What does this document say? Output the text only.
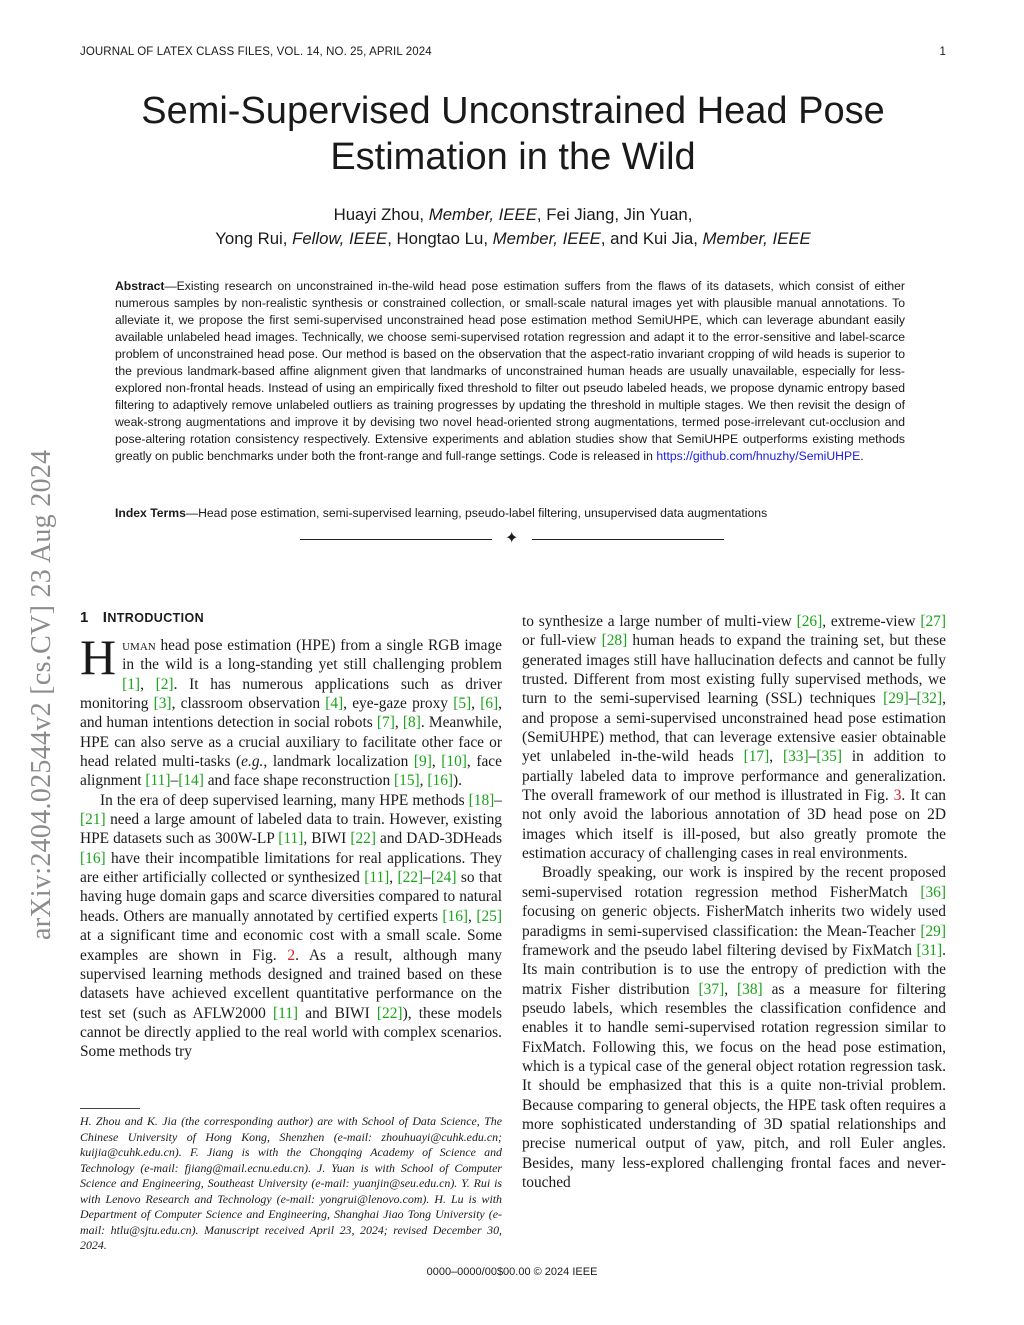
JOURNAL OF LATEX CLASS FILES, VOL. 14, NO. 25, APRIL 2024	1
arXiv:2404.02544v2 [cs.CV] 23 Aug 2024
Semi-Supervised Unconstrained Head Pose
Estimation in the Wild
Huayi Zhou, Member, IEEE, Fei Jiang, Jin Yuan,
Yong Rui, Fellow, IEEE, Hongtao Lu, Member, IEEE, and Kui Jia, Member, IEEE
Abstract—Existing research on unconstrained in-the-wild head pose estimation suffers from the flaws of its datasets, which consist of either numerous samples by non-realistic synthesis or constrained collection, or small-scale natural images yet with plausible manual annotations. To alleviate it, we propose the first semi-supervised unconstrained head pose estimation method SemiUHPE, which can leverage abundant easily available unlabeled head images. Technically, we choose semi-supervised rotation regression and adapt it to the error-sensitive and label-scarce problem of unconstrained head pose. Our method is based on the observation that the aspect-ratio invariant cropping of wild heads is superior to the previous landmark-based affine alignment given that landmarks of unconstrained human heads are usually unavailable, especially for less-explored non-frontal heads. Instead of using an empirically fixed threshold to filter out pseudo labeled heads, we propose dynamic entropy based filtering to adaptively remove unlabeled outliers as training progresses by updating the threshold in multiple stages. We then revisit the design of weak-strong augmentations and improve it by devising two novel head-oriented strong augmentations, termed pose-irrelevant cut-occlusion and pose-altering rotation consistency respectively. Extensive experiments and ablation studies show that SemiUHPE outperforms existing methods greatly on public benchmarks under both the front-range and full-range settings. Code is released in https://github.com/hnuzhy/SemiUHPE.
Index Terms—Head pose estimation, semi-supervised learning, pseudo-label filtering, unsupervised data augmentations
✦
1 INTRODUCTION

Human head pose estimation (HPE) from a single RGB image in the wild is a long-standing yet still challenging problem [1], [2]. It has numerous applications such as driver monitoring [3], classroom observation [4], eye-gaze proxy [5], [6], and human intentions detection in social robots [7], [8]. Meanwhile, HPE can also serve as a crucial auxiliary to facilitate other face or head related multi-tasks (e.g., landmark localization [9], [10], face alignment [11]–[14] and face shape reconstruction [15], [16]).

In the era of deep supervised learning, many HPE methods [18]–[21] need a large amount of labeled data to train. However, existing HPE datasets such as 300W-LP [11], BIWI [22] and DAD-3DHeads [16] have their incompatible limitations for real applications. They are either artificially collected or synthesized [11], [22]–[24] so that having huge domain gaps and scarce diversities compared to natural heads. Others are manually annotated by certified experts [16], [25] at a significant time and economic cost with a small scale. Some examples are shown in Fig. 2. As a result, although many supervised learning methods designed and trained based on these datasets have achieved excellent quantitative performance on the test set (such as AFLW2000 [11] and BIWI [22]), these models cannot be directly applied to the real world with complex scenarios. Some methods try

to synthesize a large number of multi-view [26], extreme-view [27] or full-view [28] human heads to expand the training set, but these generated images still have hallucination defects and cannot be fully trusted. Different from most existing fully supervised methods, we turn to the semi-supervised learning (SSL) techniques [29]–[32], and propose a semi-supervised unconstrained head pose estimation (SemiUHPE) method, that can leverage extensive easier obtainable yet unlabeled in-the-wild heads [17], [33]–[35] in addition to partially labeled data to improve performance and generalization. The overall framework of our method is illustrated in Fig. 3. It can not only avoid the laborious annotation of 3D head pose on 2D images which itself is ill-posed, but also greatly promote the estimation accuracy of challenging cases in real environments.

Broadly speaking, our work is inspired by the recent proposed semi-supervised rotation regression method FisherMatch [36] focusing on generic objects. FisherMatch inherits two widely used paradigms in semi-supervised classification: the Mean-Teacher [29] framework and the pseudo label filtering devised by FixMatch [31]. Its main contribution is to use the entropy of prediction with the matrix Fisher distribution [37], [38] as a measure for filtering pseudo labels, which resembles the classification confidence and enables it to handle semi-supervised rotation regression similar to FixMatch. Following this, we focus on the head pose estimation, which is a typical case of the general object rotation regression task. It should be emphasized that this is a quite non-trivial problem. Because comparing to general objects, the HPE task often requires a more sophisticated understanding of 3D spatial relationships and precise numerical output of yaw, pitch, and roll Euler angles. Besides, many less-explored challenging frontal faces and never-touched

H. Zhou and K. Jia (the corresponding author) are with School of Data Science, The Chinese University of Hong Kong, Shenzhen (e-mail: zhouhuayi@cuhk.edu.cn; kuijia@cuhk.edu.cn). F. Jiang is with the Chongqing Academy of Science and Technology (e-mail: fjiang@mail.ecnu.edu.cn). J. Yuan is with School of Computer Science and Engineering, Southeast University (e-mail: yuanjin@seu.edu.cn). Y. Rui is with Lenovo Research and Technology (e-mail: yongrui@lenovo.com). H. Lu is with Department of Computer Science and Engineering, Shanghai Jiao Tong University (e-mail: htlu@sjtu.edu.cn). Manuscript received April 23, 2024; revised December 30, 2024.
0000–0000/00$00.00 © 2024 IEEE
